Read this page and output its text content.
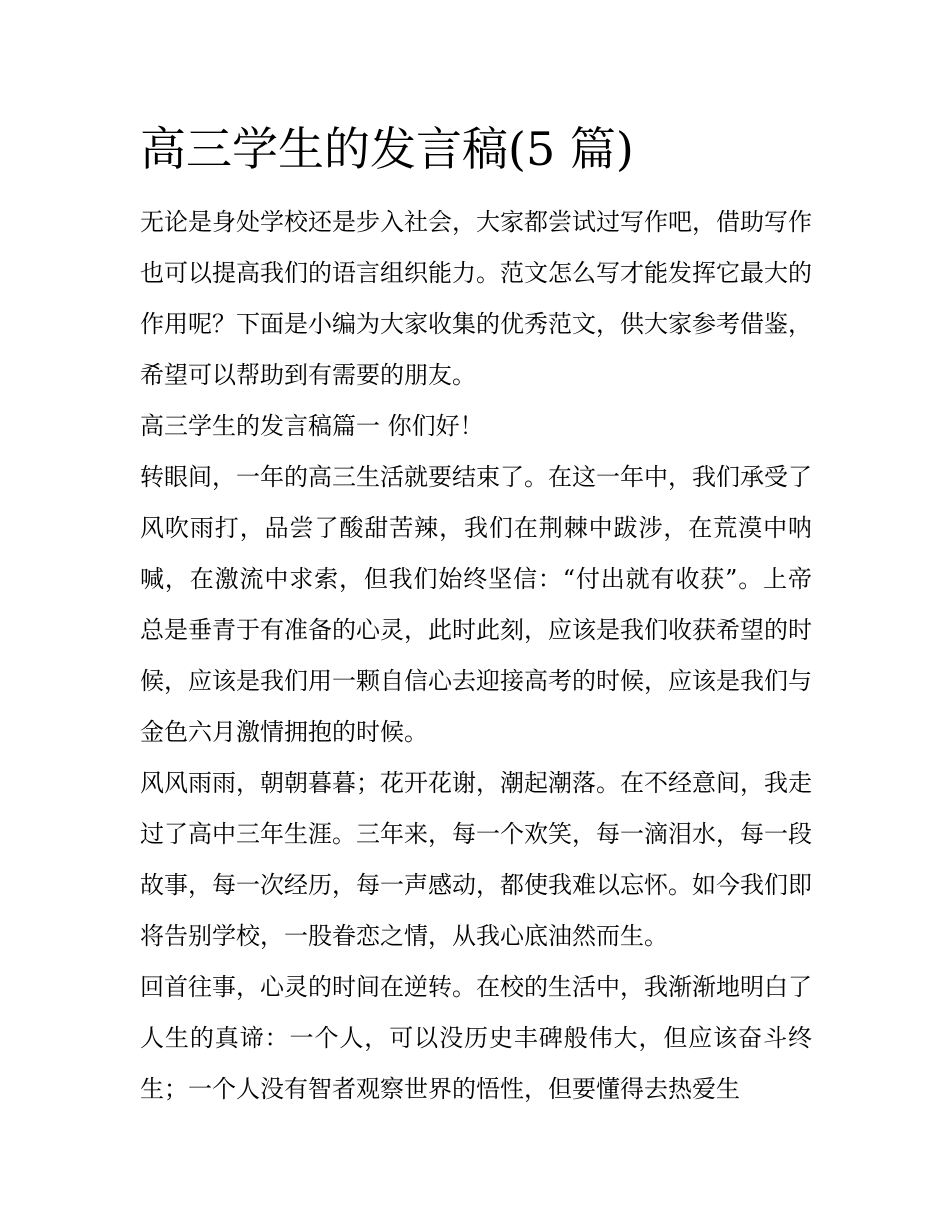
高三学生的发言稿(5 篇)

无论是身处学校还是步入社会，大家都尝试过写作吧，借助写作也可以提高我们的语言组织能力。范文怎么写才能发挥它最大的作用呢？下面是小编为大家收集的优秀范文，供大家参考借鉴，希望可以帮助到有需要的朋友。

高三学生的发言稿篇一 你们好！

转眼间，一年的高三生活就要结束了。在这一年中，我们承受了风吹雨打，品尝了酸甜苦辣，我们在荆棘中跋涉，在荒漠中呐喊，在激流中求索，但我们始终坚信：“付出就有收获”。上帝总是垂青于有准备的心灵，此时此刻，应该是我们收获希望的时候，应该是我们用一颗自信心去迎接高考的时候，应该是我们与金色六月激情拥抱的时候。

风风雨雨，朝朝暮暮；花开花谢，潮起潮落。在不经意间，我走过了高中三年生涯。三年来，每一个欢笑，每一滴泪水，每一段故事，每一次经历，每一声感动，都使我难以忘怀。如今我们即将告别学校，一股眷恋之情，从我心底油然而生。

回首往事，心灵的时间在逆转。在校的生活中，我渐渐地明白了人生的真谛：一个人，可以没历史丰碑般伟大，但应该奋斗终生；一个人没有智者观察世界的悟性，但要懂得去热爱生
